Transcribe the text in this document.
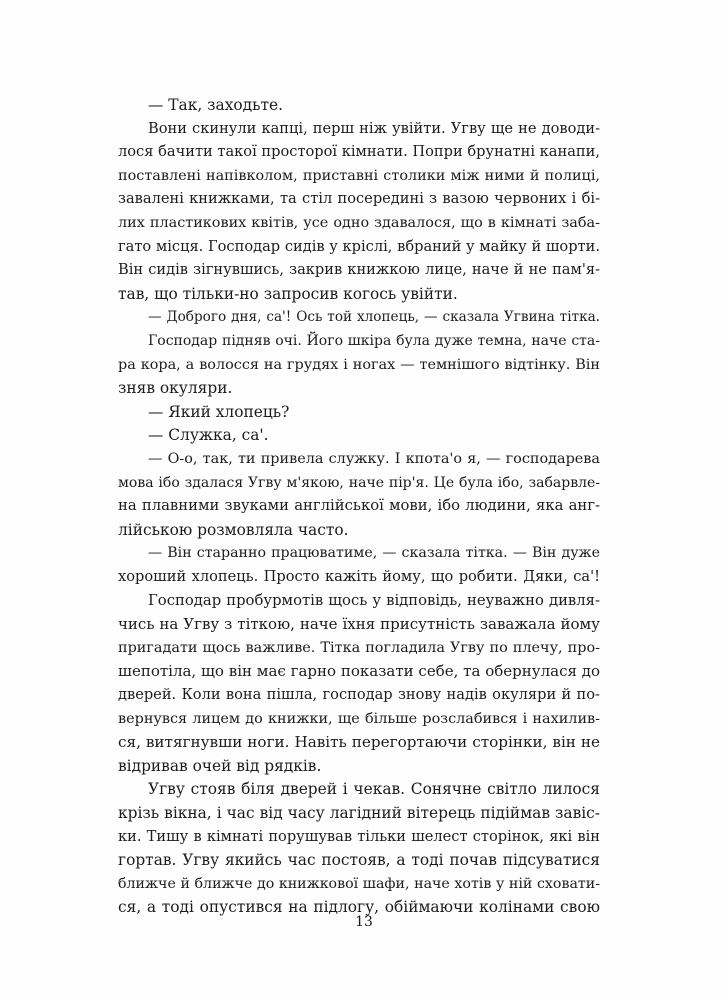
— Так, заходьте.
Вони скинули капці, перш ніж увійти. Угву ще не доводи-
лося бачити такої просторої кімнати. Попри брунатні канапи,
поставлені напівколом, приставні столики між ними й полиці,
завалені книжками, та стіл посередині з вазою червоних і бі-
лих пластикових квітів, усе одно здавалося, що в кімнаті заба-
гато місця. Господар сидів у кріслі, вбраний у майку й шорти.
Він сидів зігнувшись, закрив книжкою лице, наче й не пам'я-
тав, що тільки-но запросив когось увійти.
— Доброго дня, са'! Ось той хлопець, — сказала Угвина тітка.
Господар підняв очі. Його шкіра була дуже темна, наче ста-
ра кора, а волосся на грудях і ногах — темнішого відтінку. Він
зняв окуляри.
— Який хлопець?
— Служка, са'.
— О-о, так, ти привела служку. І кпота'о я, — господарева
мова ібо здалася Угву м'якою, наче пір'я. Це була ібо, забарвле-
на плавними звуками англійської мови, ібо людини, яка анг-
лійською розмовляла часто.
— Він старанно працюватиме, — сказала тітка. — Він дуже
хороший хлопець. Просто кажіть йому, що робити. Дяки, са'!
Господар пробурмотів щось у відповідь, неуважно дивля-
чись на Угву з тіткою, наче їхня присутність заважала йому
пригадати щось важливе. Тітка погладила Угву по плечу, про-
шепотіла, що він має гарно показати себе, та обернулася до
дверей. Коли вона пішла, господар знову надів окуляри й по-
вернувся лицем до книжки, ще більше розслабився і нахилив-
ся, витягнувши ноги. Навіть перегортаючи сторінки, він не
відривав очей від рядків.
Угву стояв біля дверей і чекав. Сонячне світло лилося
крізь вікна, і час від часу лагідний вітерець підіймав завіс-
ки. Тишу в кімнаті порушував тільки шелест сторінок, які він
гортав. Угву якийсь час постояв, а тоді почав підсуватися
ближче й ближче до книжкової шафи, наче хотів у ній сховати-
ся, а тоді опустився на підлогу, обіймаючи колінами свою
13
